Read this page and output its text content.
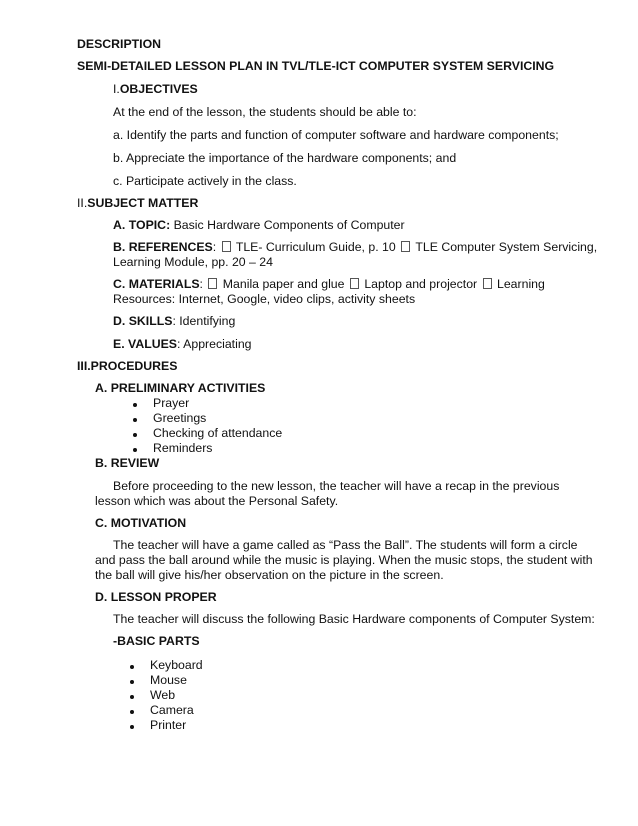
DESCRIPTION
SEMI-DETAILED LESSON PLAN IN TVL/TLE-ICT COMPUTER SYSTEM SERVICING
I.OBJECTIVES
At the end of the lesson, the students should be able to:
a. Identify the parts and function of computer software and hardware components;
b. Appreciate the importance of the hardware components; and
c. Participate actively in the class.
II.SUBJECT MATTER
A. TOPIC: Basic Hardware Components of Computer
B. REFERENCES: TLE- Curriculum Guide, p. 10 TLE Computer System Servicing,
Learning Module, pp. 20 – 24
C. MATERIALS: Manila paper and glue Laptop and projector Learning
Resources: Internet, Google, video clips, activity sheets
D. SKILLS: Identifying
E. VALUES: Appreciating
III.PROCEDURES
A. PRELIMINARY ACTIVITIES
Prayer
Greetings
Checking of attendance
Reminders
B. REVIEW
Before proceeding to the new lesson, the teacher will have a recap in the previous
lesson which was about the Personal Safety.
C. MOTIVATION
The teacher will have a game called as “Pass the Ball”. The students will form a circle
and pass the ball around while the music is playing. When the music stops, the student with
the ball will give his/her observation on the picture in the screen.
D. LESSON PROPER
The teacher will discuss the following Basic Hardware components of Computer System:
-BASIC PARTS
Keyboard
Mouse
Web
Camera
Printer
